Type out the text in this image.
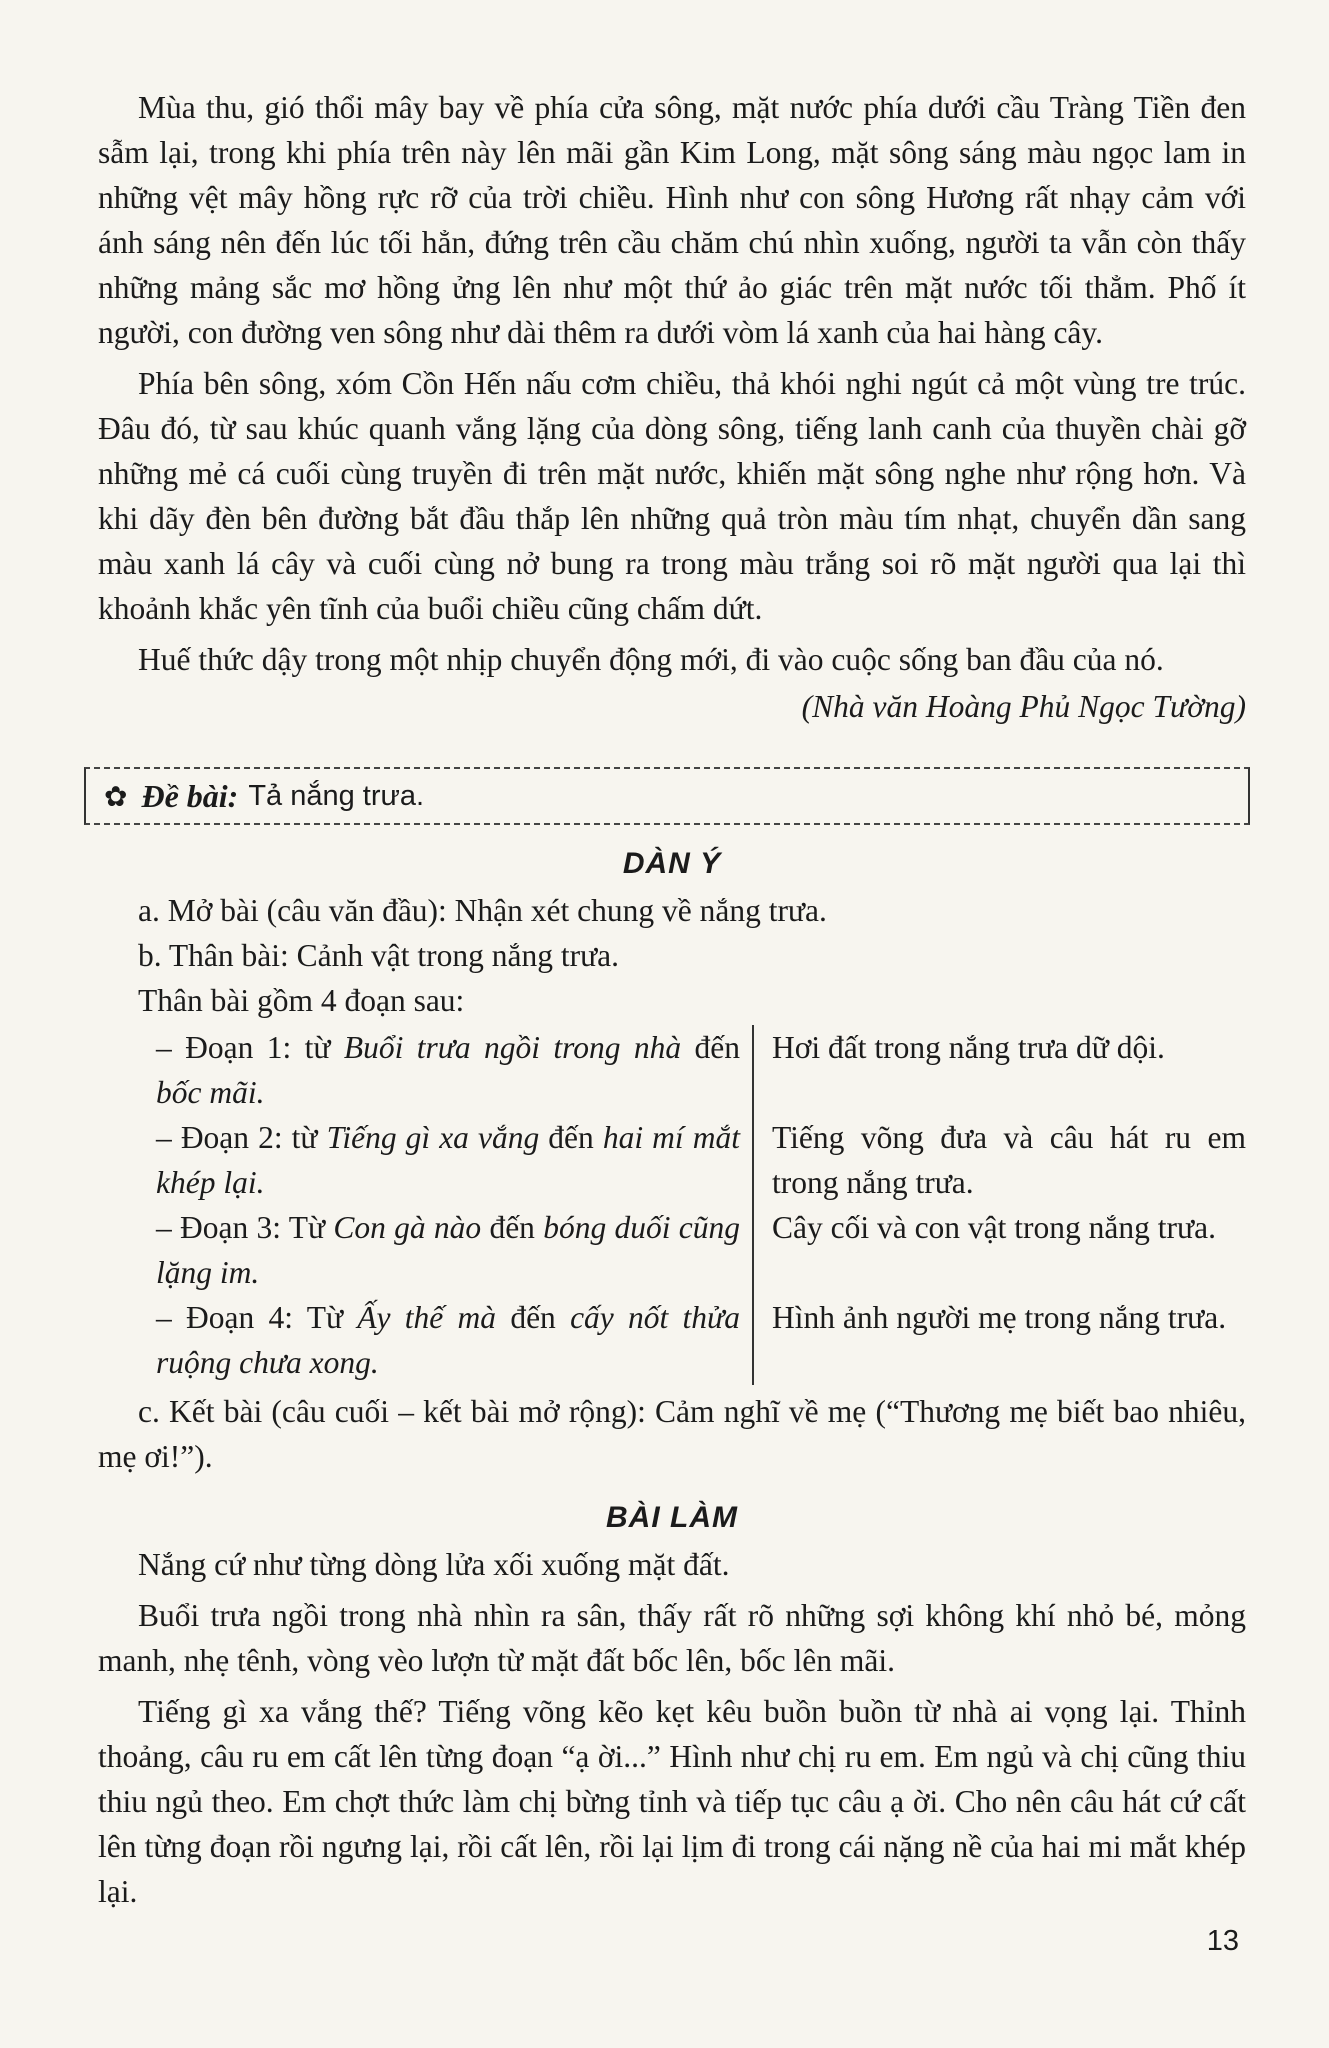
Mùa thu, gió thổi mây bay về phía cửa sông, mặt nước phía dưới cầu Tràng Tiền đen sẫm lại, trong khi phía trên này lên mãi gần Kim Long, mặt sông sáng màu ngọc lam in những vệt mây hồng rực rỡ của trời chiều. Hình như con sông Hương rất nhạy cảm với ánh sáng nên đến lúc tối hẳn, đứng trên cầu chăm chú nhìn xuống, người ta vẫn còn thấy những mảng sắc mơ hồng ửng lên như một thứ ảo giác trên mặt nước tối thẳm. Phố ít người, con đường ven sông như dài thêm ra dưới vòm lá xanh của hai hàng cây.

Phía bên sông, xóm Cồn Hến nấu cơm chiều, thả khói nghi ngút cả một vùng tre trúc. Đâu đó, từ sau khúc quanh vắng lặng của dòng sông, tiếng lanh canh của thuyền chài gỡ những mẻ cá cuối cùng truyền đi trên mặt nước, khiến mặt sông nghe như rộng hơn. Và khi dãy đèn bên đường bắt đầu thắp lên những quả tròn màu tím nhạt, chuyển dần sang màu xanh lá cây và cuối cùng nở bung ra trong màu trắng soi rõ mặt người qua lại thì khoảnh khắc yên tĩnh của buổi chiều cũng chấm dứt.

Huế thức dậy trong một nhịp chuyển động mới, đi vào cuộc sống ban đầu của nó.

(Nhà văn Hoàng Phủ Ngọc Tường)

✿ Đề bài: Tả nắng trưa.
DÀN Ý

a. Mở bài (câu văn đầu): Nhận xét chung về nắng trưa.

b. Thân bài: Cảnh vật trong nắng trưa.

Thân bài gồm 4 đoạn sau:

– Đoạn 1: từ Buổi trưa ngồi trong nhà đến bốc mãi.
Hơi đất trong nắng trưa dữ dội.
– Đoạn 2: từ Tiếng gì xa vắng đến hai mí mắt khép lại.
Tiếng võng đưa và câu hát ru em trong nắng trưa.
– Đoạn 3: Từ Con gà nào đến bóng duối cũng lặng im.
Cây cối và con vật trong nắng trưa.
– Đoạn 4: Từ Ấy thế mà đến cấy nốt thửa ruộng chưa xong.
Hình ảnh người mẹ trong nắng trưa.

c. Kết bài (câu cuối – kết bài mở rộng): Cảm nghĩ về mẹ (“Thương mẹ biết bao nhiêu, mẹ ơi!”).

BÀI LÀM

Nắng cứ như từng dòng lửa xối xuống mặt đất.

Buổi trưa ngồi trong nhà nhìn ra sân, thấy rất rõ những sợi không khí nhỏ bé, mỏng manh, nhẹ tênh, vòng vèo lượn từ mặt đất bốc lên, bốc lên mãi.

Tiếng gì xa vắng thế? Tiếng võng kẽo kẹt kêu buồn buồn từ nhà ai vọng lại. Thỉnh thoảng, câu ru em cất lên từng đoạn “ạ ời...” Hình như chị ru em. Em ngủ và chị cũng thiu thiu ngủ theo. Em chợt thức làm chị bừng tỉnh và tiếp tục câu ạ ời. Cho nên câu hát cứ cất lên từng đoạn rồi ngưng lại, rồi cất lên, rồi lại lịm đi trong cái nặng nề của hai mi mắt khép lại.

13
